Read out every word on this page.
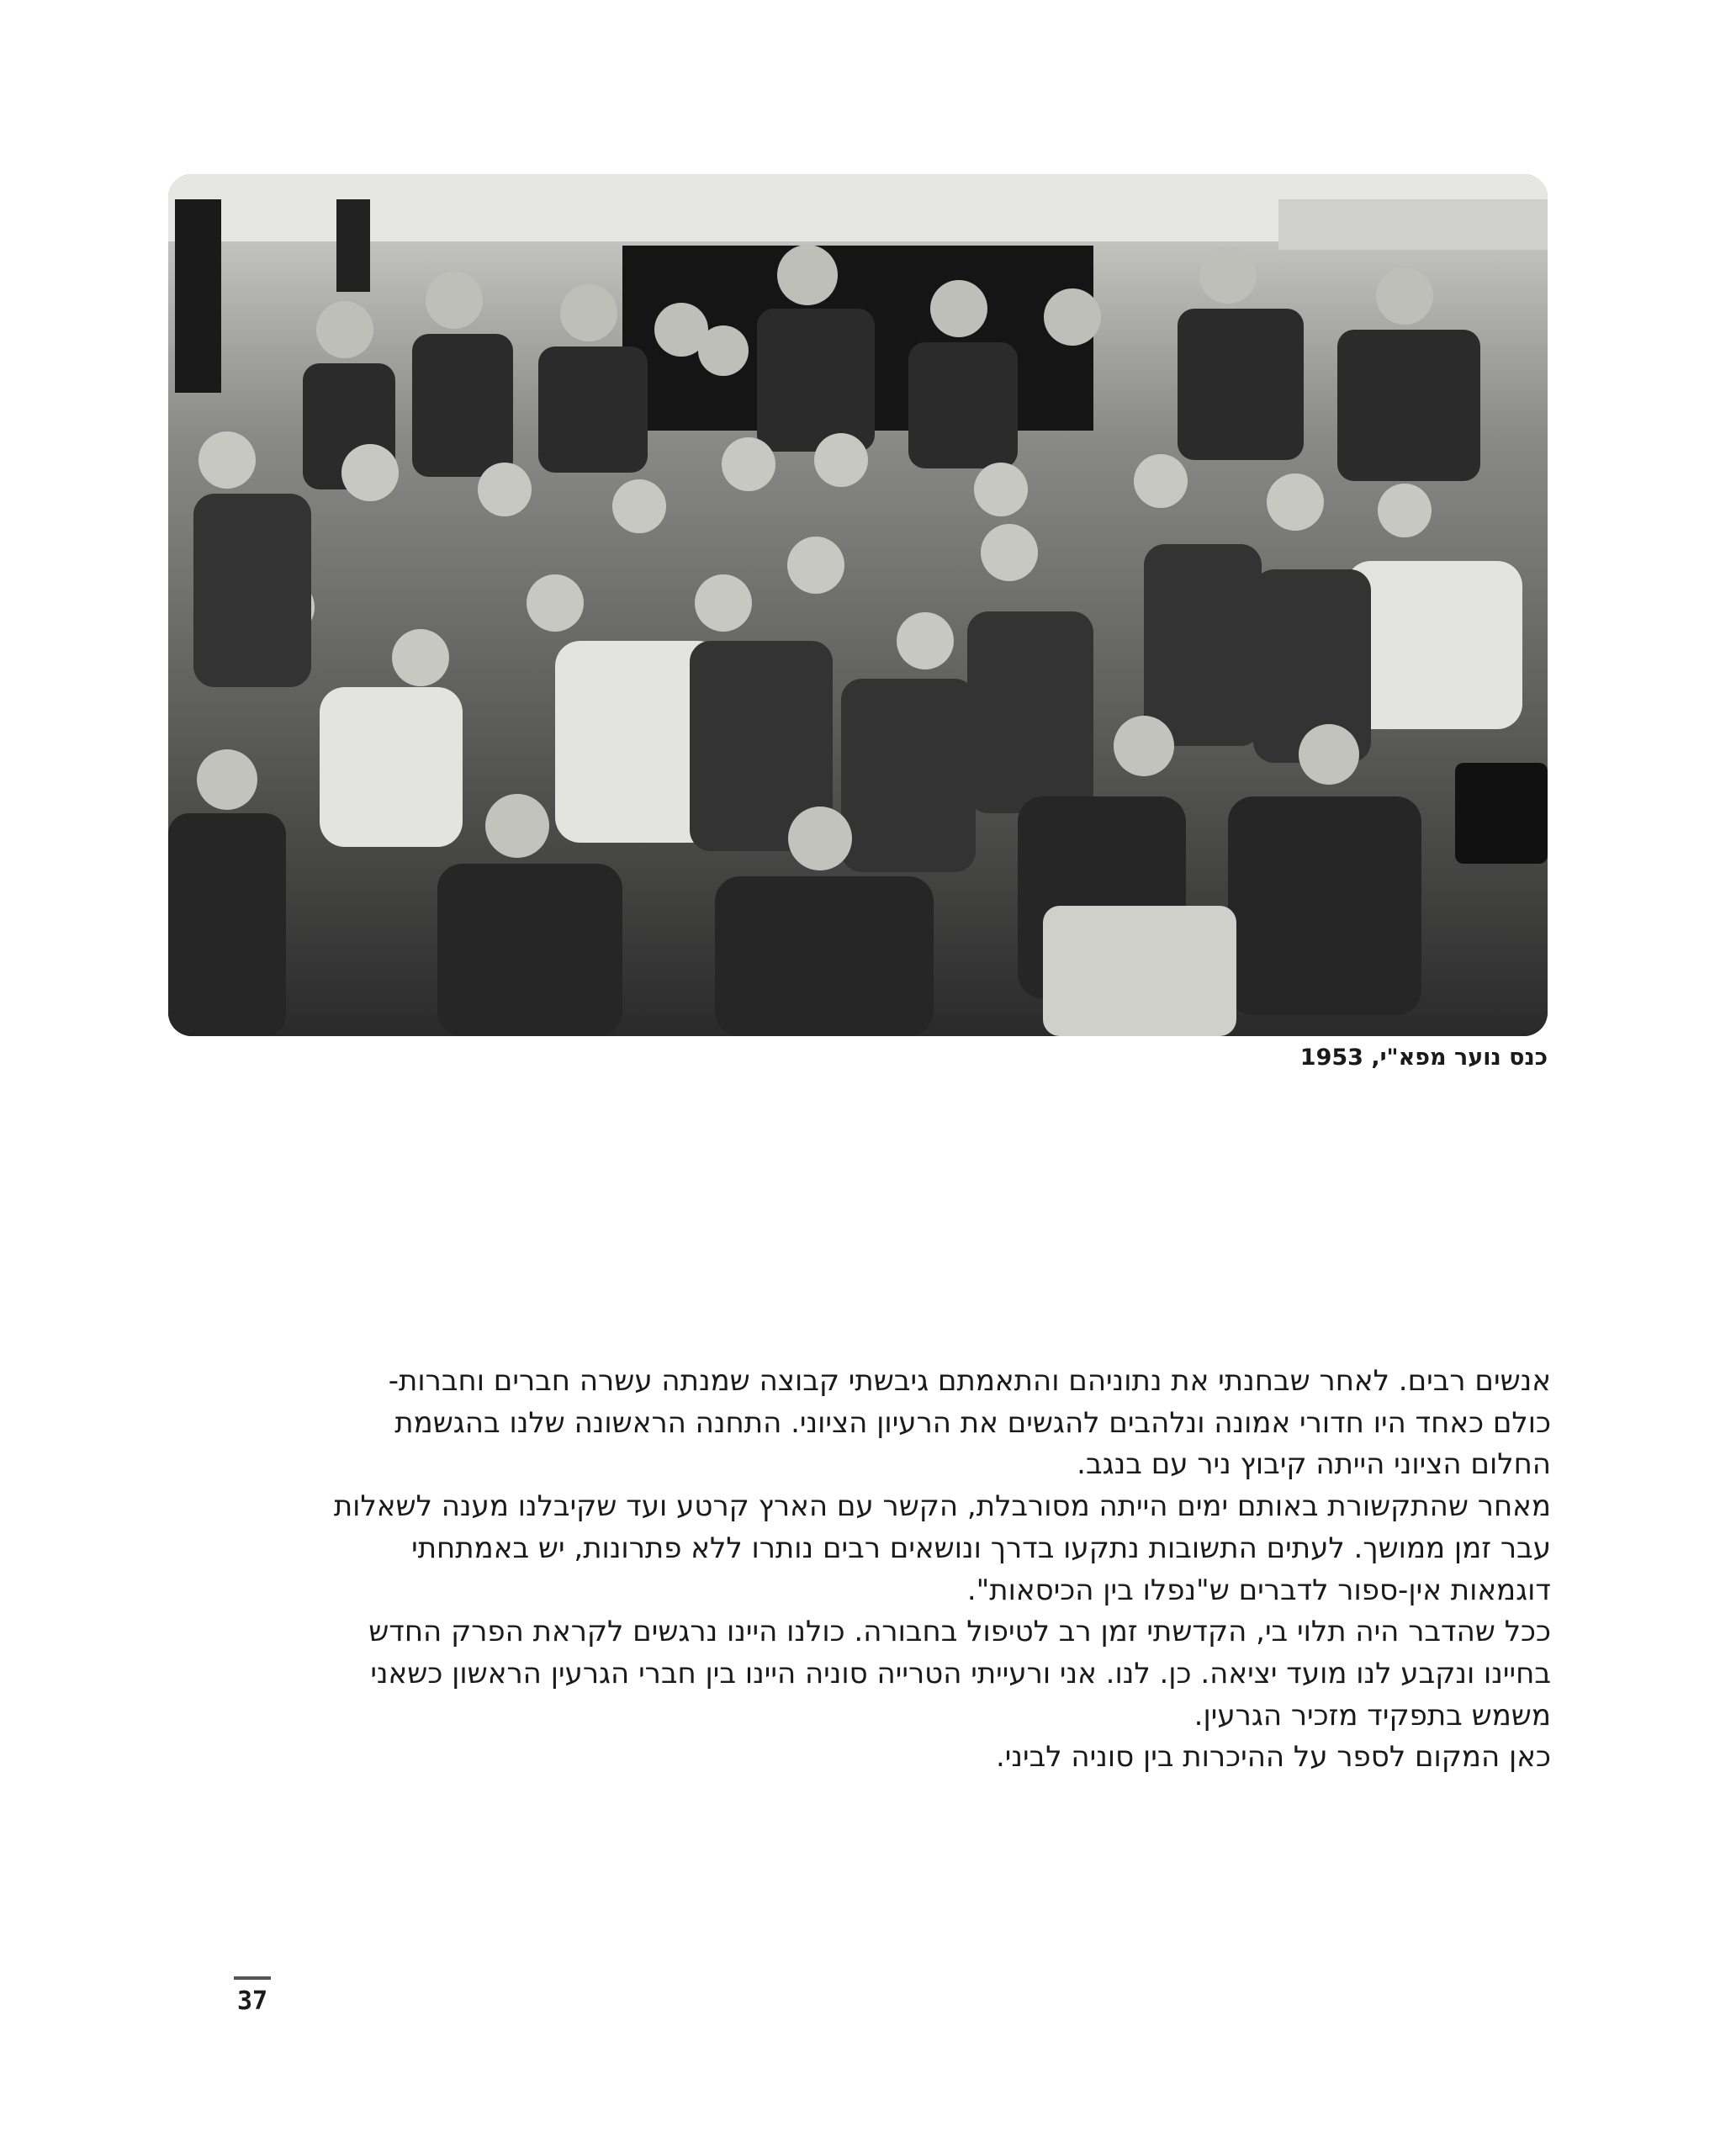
כנס נוער מפא"י, 1953
אנשים רבים. לאחר שבחנתי את נתוניהם והתאמתם גיבשתי קבוצה שמנתה עשרה חברים וחברות-
כולם כאחד היו חדורי אמונה ונלהבים להגשים את הרעיון הציוני. התחנה הראשונה שלנו בהגשמת
החלום הציוני הייתה קיבוץ ניר עם בנגב.
מאחר שהתקשורת באותם ימים הייתה מסורבלת, הקשר עם הארץ קרטע ועד שקיבלנו מענה לשאלות
עבר זמן ממושך. לעתים התשובות נתקעו בדרך ונושאים רבים נותרו ללא פתרונות, יש באמתחתי
דוגמאות אין-ספור לדברים ש"נפלו בין הכיסאות".
ככל שהדבר היה תלוי בי, הקדשתי זמן רב לטיפול בחבורה. כולנו היינו נרגשים לקראת הפרק החדש
בחיינו ונקבע לנו מועד יציאה. כן. לנו. אני ורעייתי הטרייה סוניה היינו בין חברי הגרעין הראשון כשאני
משמש בתפקיד מזכיר הגרעין.
כאן המקום לספר על ההיכרות בין סוניה לביני.
37
